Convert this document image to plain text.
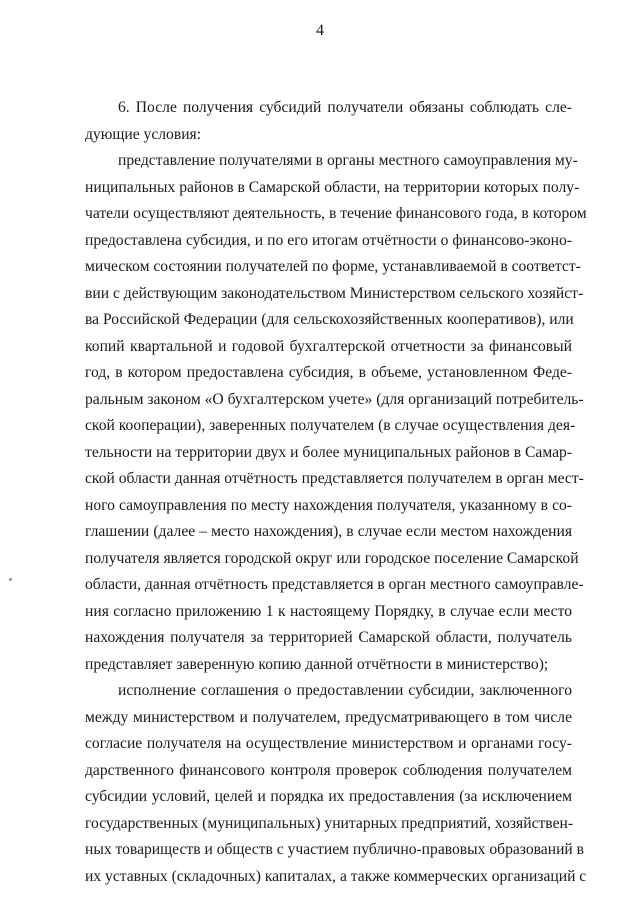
4

6. После получения субсидий получатели обязаны соблюдать сле-
дующие условия:

представление получателями в органы местного самоуправления му-
ниципальных районов в Самарской области, на территории которых полу-
чатели осуществляют деятельность, в течение финансового года, в котором
предоставлена субсидия, и по его итогам отчётности о финансово-эконо-
мическом состоянии получателей по форме, устанавливаемой в соответст-
вии с действующим законодательством Министерством сельского хозяйст-
ва Российской Федерации (для сельскохозяйственных кооперативов), или
копий квартальной и годовой бухгалтерской отчетности за финансовый
год, в котором предоставлена субсидия, в объеме, установленном Феде-
ральным законом «О бухгалтерском учете» (для организаций потребитель-
ской кооперации), заверенных получателем (в случае осуществления дея-
тельности на территории двух и более муниципальных районов в Самар-
ской области данная отчётность представляется получателем в орган мест-
ного самоуправления по месту нахождения получателя, указанному в со-
глашении (далее – место нахождения), в случае если местом нахождения
получателя является городской округ или городское поселение Самарской
области, данная отчётность представляется в орган местного самоуправле-
ния согласно приложению 1 к настоящему Порядку, в случае если место
нахождения получателя за территорией Самарской области, получатель
представляет заверенную копию данной отчётности в министерство);

исполнение соглашения о предоставлении субсидии, заключенного
между министерством и получателем, предусматривающего в том числе
согласие получателя на осуществление министерством и органами госу-
дарственного финансового контроля проверок соблюдения получателем
субсидии условий, целей и порядка их предоставления (за исключением
государственных (муниципальных) унитарных предприятий, хозяйствен-
ных товариществ и обществ с участием публично-правовых образований в
их уставных (складочных) капиталах, а также коммерческих организаций с
